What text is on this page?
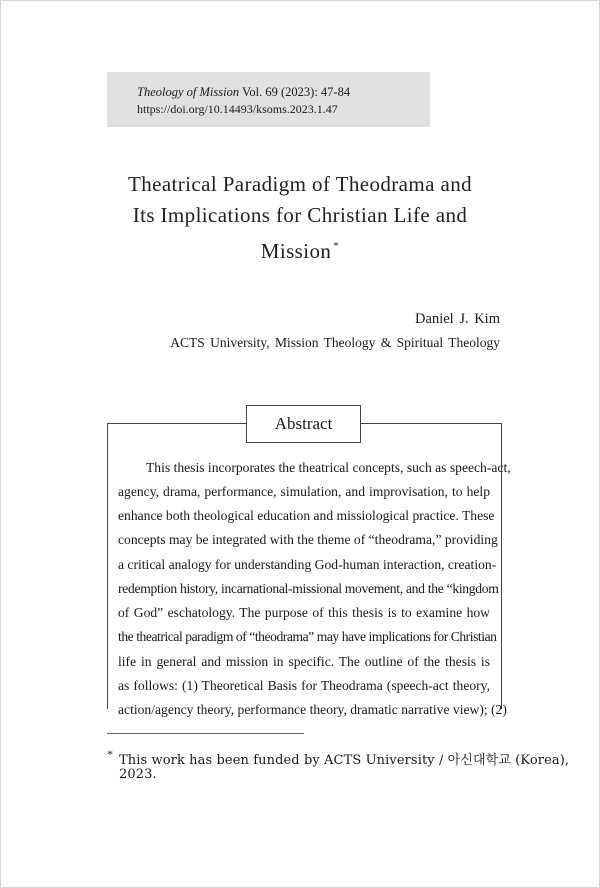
Theology of Mission Vol. 69 (2023): 47-84
https://doi.org/10.14493/ksoms.2023.1.47
Theatrical Paradigm of Theodrama and
Its Implications for Christian Life and
Mission *
Daniel J. Kim
ACTS University, Mission Theology & Spiritual Theology
Abstract
This thesis incorporates the theatrical concepts, such as speech-act,
agency, drama, performance, simulation, and improvisation, to help
enhance both theological education and missiological practice. These
concepts may be integrated with the theme of “theodrama,” providing
a critical analogy for understanding God-human interaction, creation-
redemption history, incarnational-missional movement, and the “kingdom
of God” eschatology. The purpose of this thesis is to examine how
the theatrical paradigm of “theodrama” may have implications for Christian
life in general and mission in specific. The outline of the thesis is
as follows: (1) Theoretical Basis for Theodrama (speech-act theory,
action/agency theory, performance theory, dramatic narrative view); (2)
* This work has been funded by ACTS University / 아신대학교 (Korea),
2023.
